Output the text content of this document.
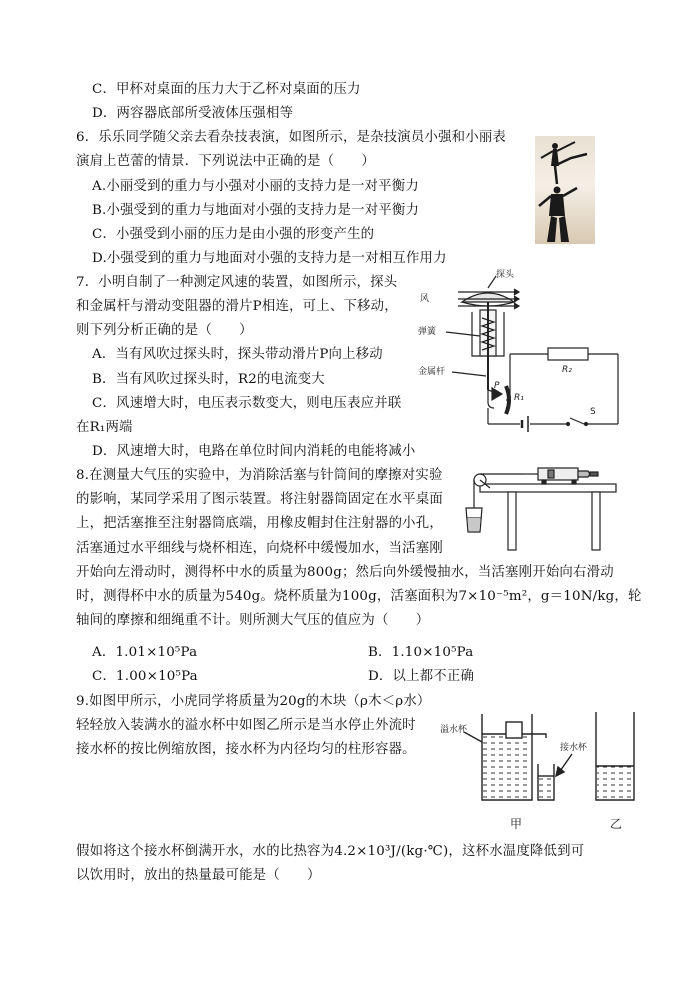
C．甲杯对桌面的压力大于乙杯对桌面的压力
D．两容器底部所受液体压强相等
6．乐乐同学随父亲去看杂技表演，如图所示，是杂技演员小强和小丽表
演肩上芭蕾的情景．下列说法中正确的是（　　）
A.小丽受到的重力与小强对小丽的支持力是一对平衡力
B.小强受到的重力与地面对小强的支持力是一对平衡力
C．小强受到小丽的压力是由小强的形变产生的
D.小强受到的重力与地面对小强的支持力是一对相互作用力
7．小明自制了一种测定风速的装置，如图所示，探头
和金属杆与滑动变阻器的滑片P相连，可上、下移动，
则下列分析正确的是（　　）
A．当有风吹过探头时，探头带动滑片P向上移动
B．当有风吹过探头时，R2的电流变大
C．风速增大时，电压表示数变大，则电压表应并联
在R₁两端
D．风速增大时，电路在单位时间内消耗的电能将减小
8.在测量大气压的实验中，为消除活塞与针筒间的摩擦对实验
的影响，某同学采用了图示装置。将注射器筒固定在水平桌面
上，把活塞推至注射器筒底端，用橡皮帽封住注射器的小孔，
活塞通过水平细线与烧杯相连，向烧杯中缓慢加水，当活塞刚
开始向左滑动时，测得杯中水的质量为800g；然后向外缓慢抽水，当活塞刚开始向右滑动
时，测得杯中水的质量为540g。烧杯质量为100g，活塞面积为7×10⁻⁵m²，g＝10N/kg，轮
轴间的摩擦和细绳重不计。则所测大气压的值应为（　　）
A．1.01×10⁵Pa	B．1.10×10⁵Pa
C．1.00×10⁵Pa	D．以上都不正确
9.如图甲所示，小虎同学将质量为20g的木块（ρ木＜ρ水）
轻轻放入装满水的溢水杯中如图乙所示是当水停止外流时
接水杯的按比例缩放图，接水杯为内径均匀的柱形容器。
假如将这个接水杯倒满开水，水的比热容为4.2×10³J/(kg·℃)，这杯水温度降低到可
以饮用时，放出的热量最可能是（　　）
探头
风
弹簧
金属杆
P
R₁
R₂
S
溢水杯
接水杯
甲	乙
